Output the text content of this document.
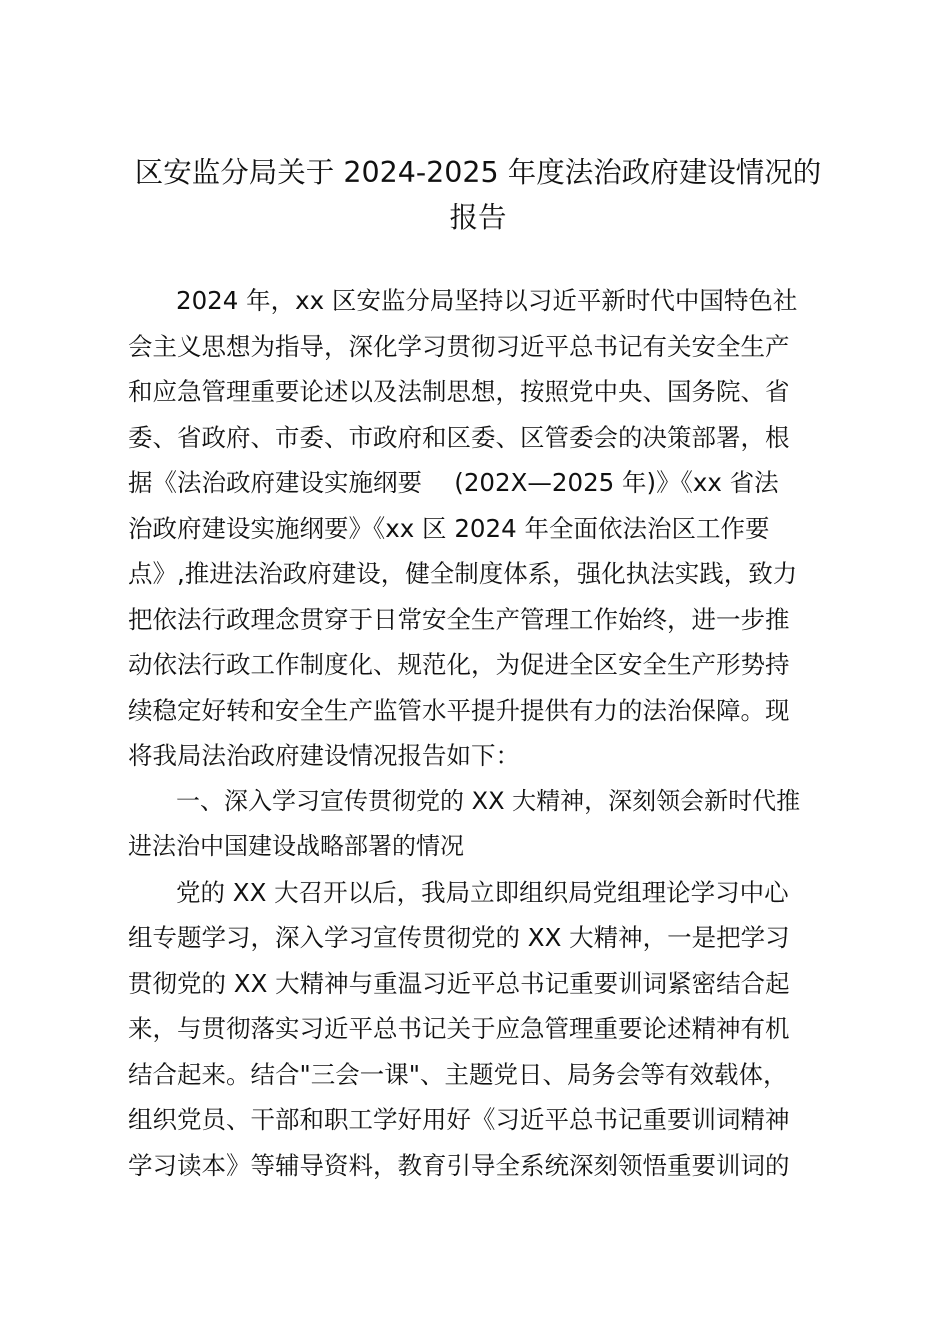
区安监分局关于 2024-2025 年度法治政府建设情况的
报告
2024 年，xx 区安监分局坚持以习近平新时代中国特色社
会主义思想为指导，深化学习贯彻习近平总书记有关安全生产
和应急管理重要论述以及法制思想，按照党中央、国务院、省
委、省政府、市委、市政府和区委、区管委会的决策部署，根
据《法治政府建设实施纲要　 (202X—2025 年)》《xx 省法
治政府建设实施纲要》《xx 区 2024 年全面依法治区工作要
点》,推进法治政府建设，健全制度体系，强化执法实践，致力
把依法行政理念贯穿于日常安全生产管理工作始终，进一步推
动依法行政工作制度化、规范化，为促进全区安全生产形势持
续稳定好转和安全生产监管水平提升提供有力的法治保障。现
将我局法治政府建设情况报告如下：
一、深入学习宣传贯彻党的 XX 大精神，深刻领会新时代推
进法治中国建设战略部署的情况
党的 XX 大召开以后，我局立即组织局党组理论学习中心
组专题学习，深入学习宣传贯彻党的 XX 大精神，一是把学习
贯彻党的 XX 大精神与重温习近平总书记重要训词紧密结合起
来，与贯彻落实习近平总书记关于应急管理重要论述精神有机
结合起来。结合"三会一课"、主题党日、局务会等有效载体，
组织党员、干部和职工学好用好《习近平总书记重要训词精神
学习读本》等辅导资料，教育引导全系统深刻领悟重要训词的
